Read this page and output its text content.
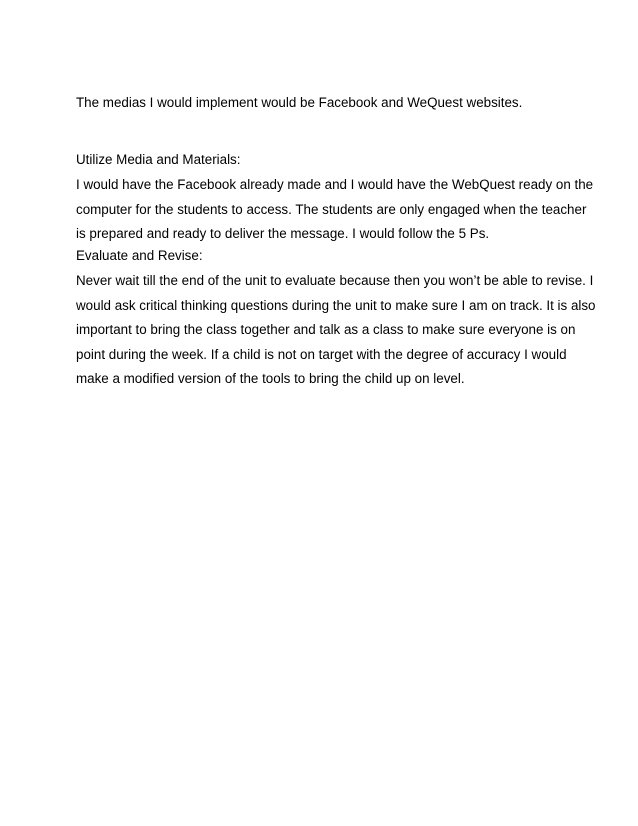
The medias I would implement would be Facebook and WeQuest websites.
Utilize Media and Materials:
I would have the Facebook already made and I would have the WebQuest ready on the
computer for the students to access. The students are only engaged when the teacher
is prepared and ready to deliver the message. I would follow the 5 Ps.
Evaluate and Revise:
Never wait till the end of the unit to evaluate because then you won’t be able to revise. I
would ask critical thinking questions during the unit to make sure I am on track. It is also
important to bring the class together and talk as a class to make sure everyone is on
point during the week. If a child is not on target with the degree of accuracy I would
make a modified version of the tools to bring the child up on level.
